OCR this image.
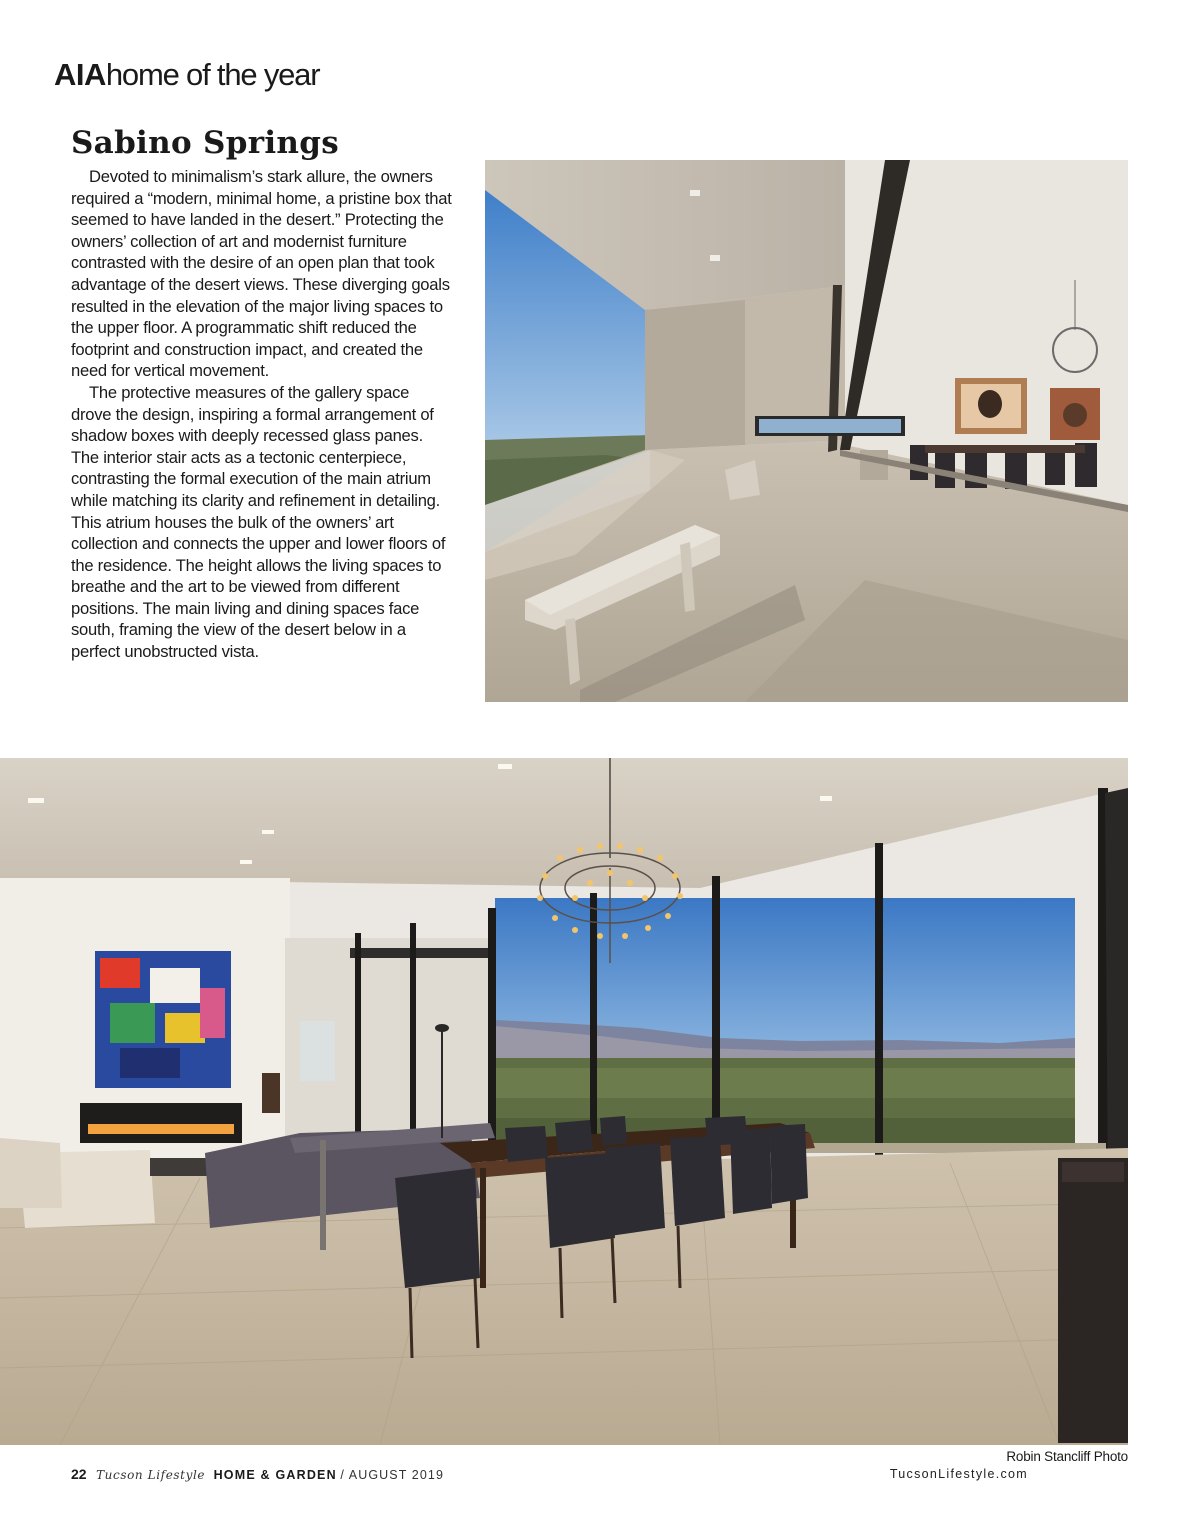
AIAhome of the year
Sabino Springs

Devoted to minimalism’s stark allure, the owners required a “modern, minimal home, a pristine box that seemed to have landed in the desert.” Protecting the owners’ collection of art and modernist furniture contrasted with the desire of an open plan that took advantage of the desert views. These diverging goals resulted in the elevation of the major living spaces to the upper floor. A programmatic shift reduced the footprint and construction impact, and created the need for vertical movement.

The protective measures of the gallery space drove the design, inspiring a formal arrangement of shadow boxes with deeply recessed glass panes. The interior stair acts as a tectonic centerpiece, contrasting the formal execution of the main atrium while matching its clarity and refinement in detailing. This atrium houses the bulk of the owners’ art collection and connects the upper and lower floors of the residence. The height allows the living spaces to breathe and the art to be viewed from different positions. The main living and dining spaces face south, framing the view of the desert below in a perfect unobstructed vista.

Robin Stancliff Photo
22 Tucson Lifestyle HOME & GARDEN / AUGUST 2019	TucsonLifestyle.com
